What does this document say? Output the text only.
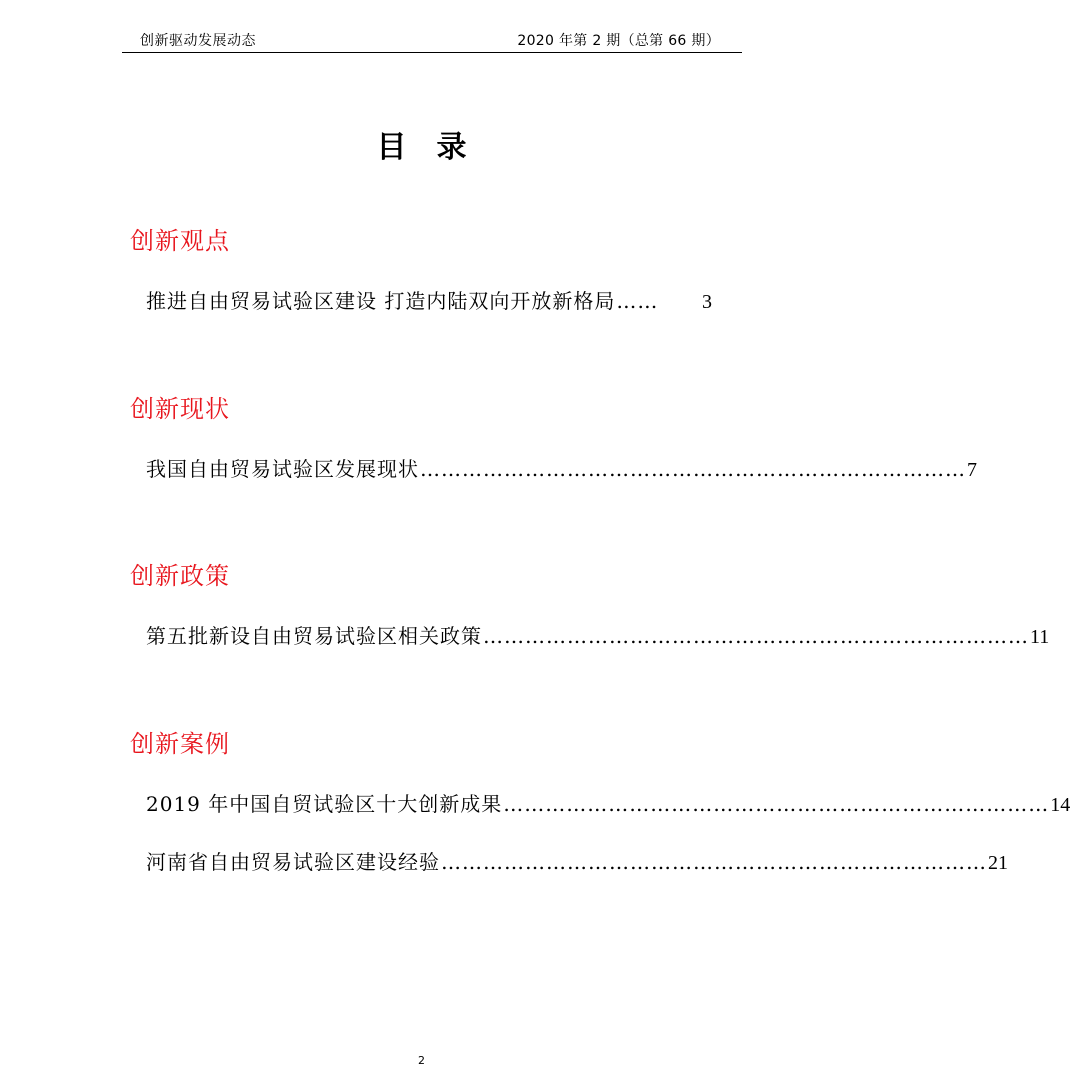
创新驱动发展动态	2020 年第 2 期（总第 66 期）
目录
创新观点
推进自由贸易试验区建设 打造内陆双向开放新格局 ……	3
创新现状
我国自由贸易试验区发展现状 …………………………………………………………………… 7
创新政策
第五批新设自由贸易试验区相关政策 …………………………………………………………………… 11
创新案例
2019 年中国自贸试验区十大创新成果 …………………………………………………………………… 14
河南省自由贸易试验区建设经验 …………………………………………………………………… 21
2
